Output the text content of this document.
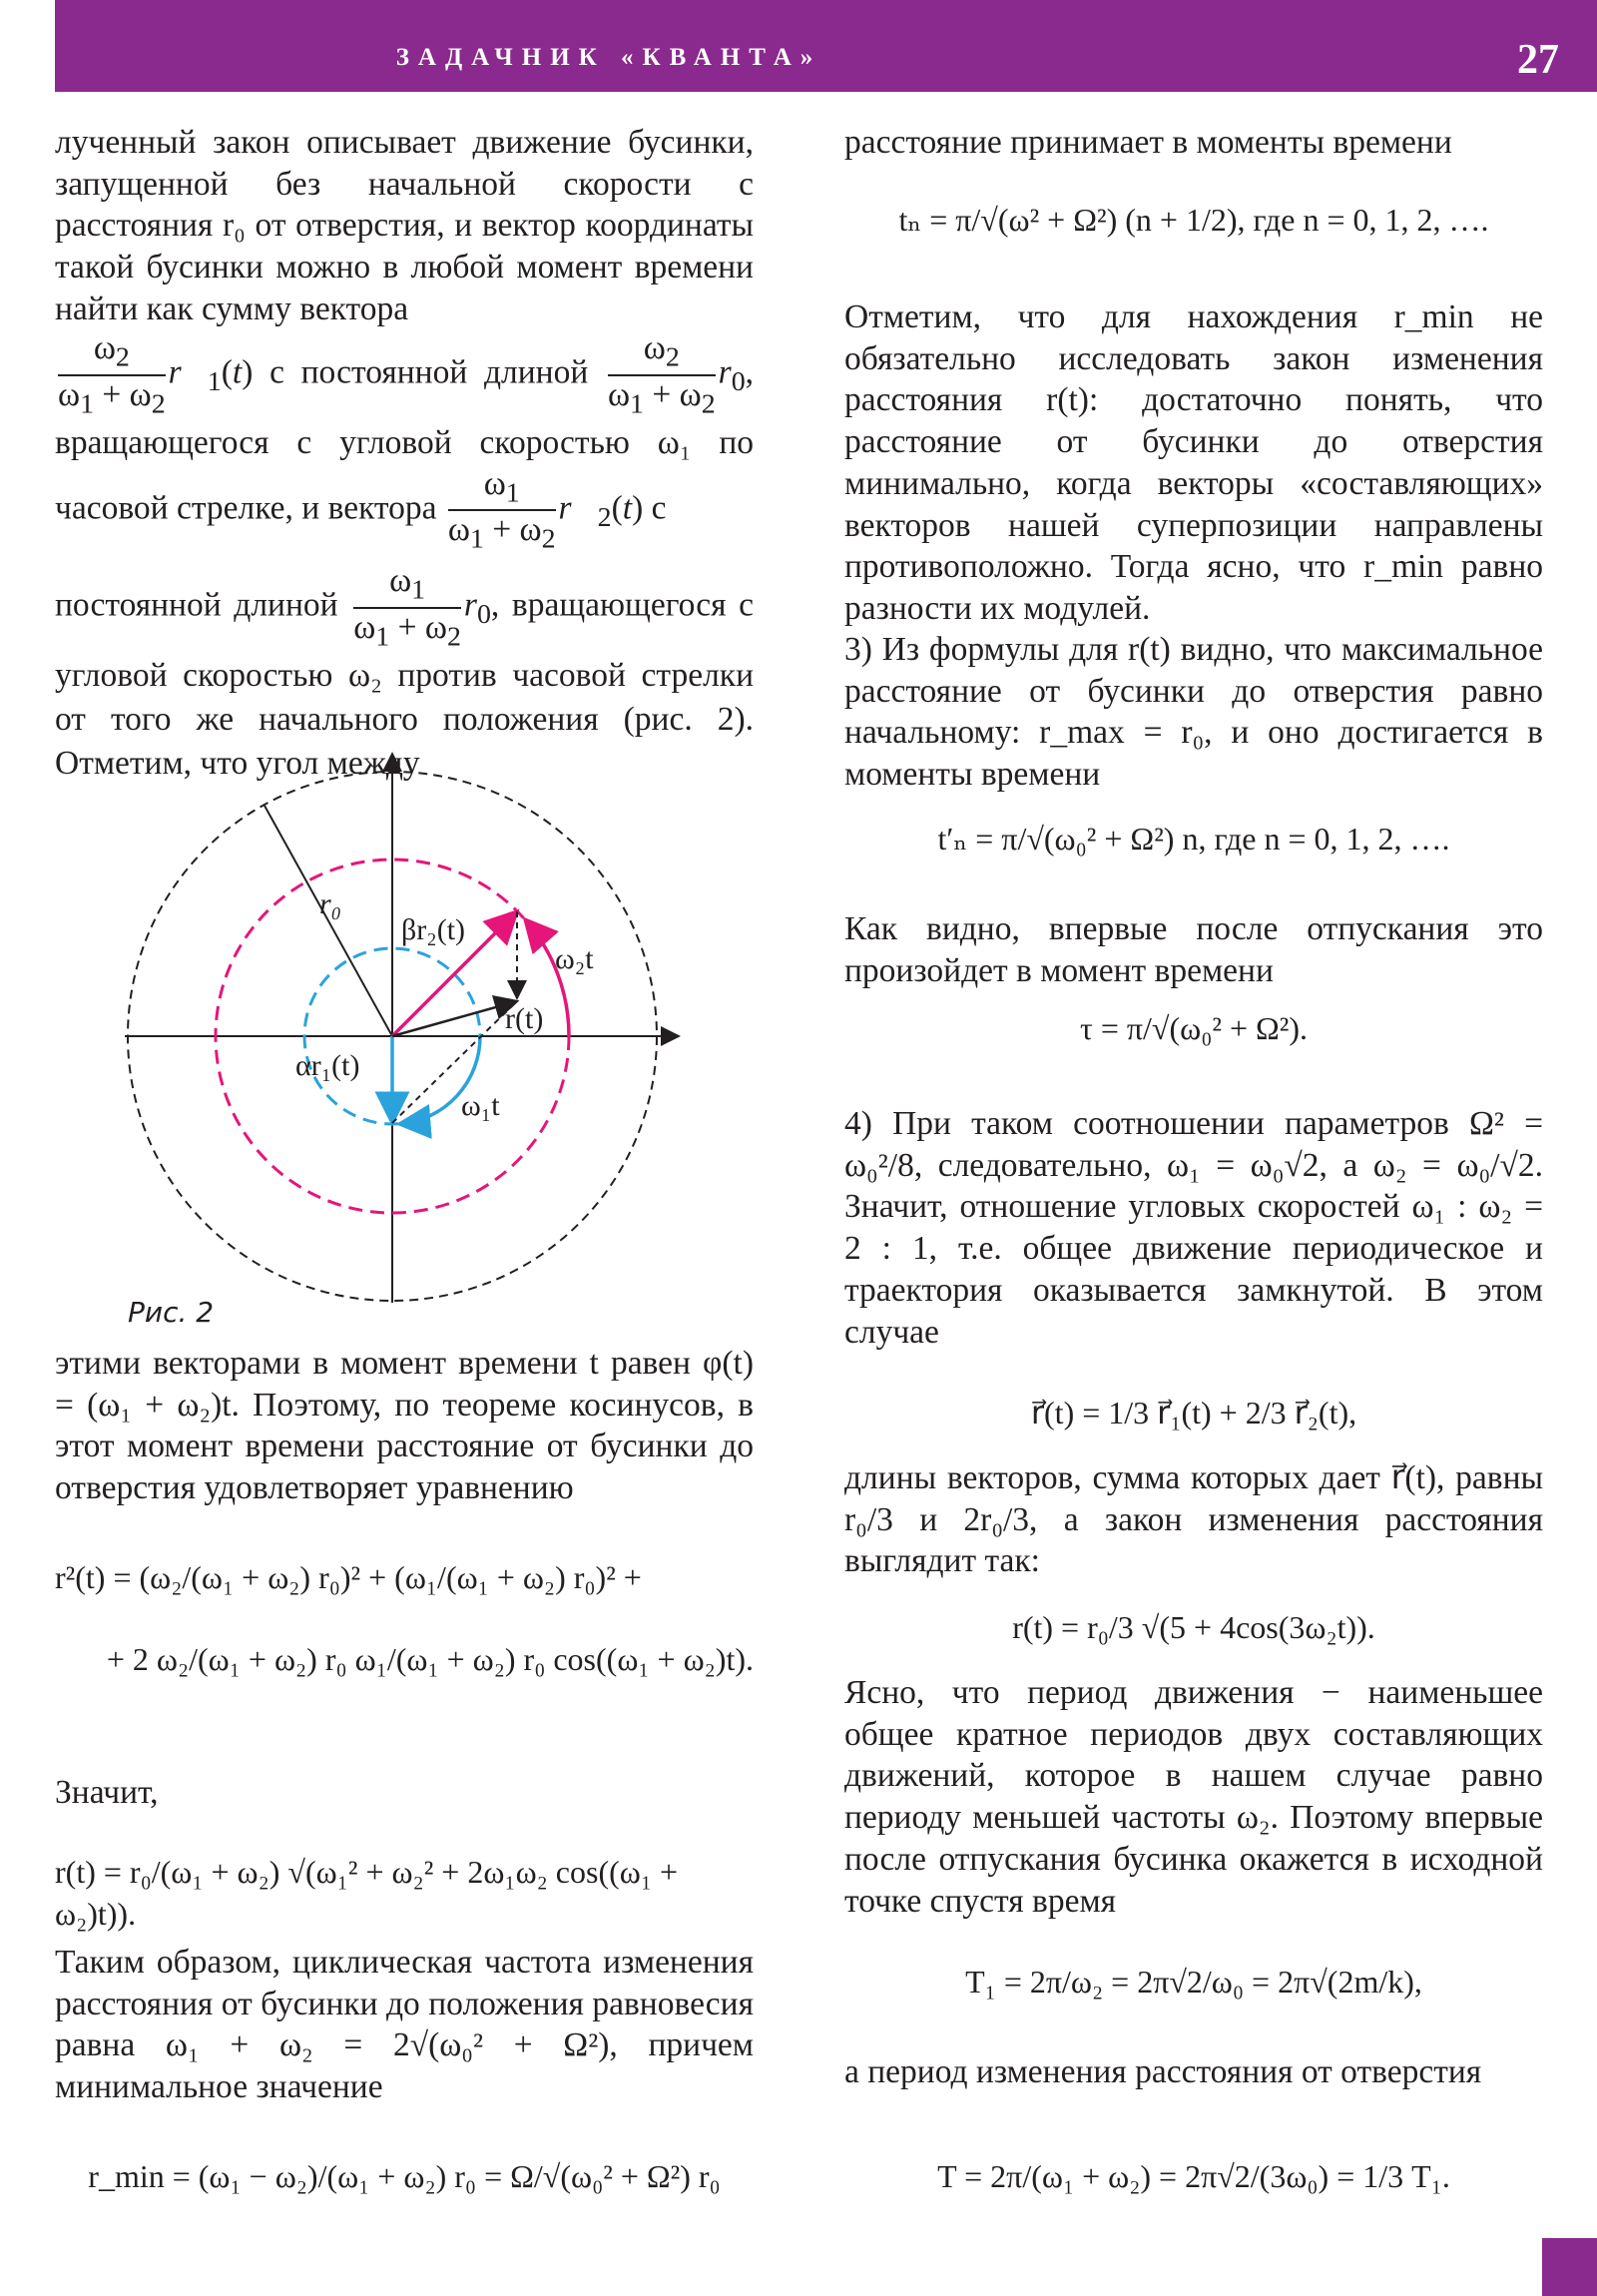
ЗАДАЧНИК «КВАНТА»	27

лученный закон описывает движение бусинки, запущенной без начальной скорости с расстояния r₀ от отверстия, и вектор координаты такой бусинки можно в любой момент времени найти как сумму вектора

$\frac{\omega_2}{\omega_1 + \omega_2}$ $r⃗_1(t)$ с постоянной длиной $\frac{\omega_2}{\omega_1 + \omega_2} r_0$, вращающегося с угловой скоростью ω₁ по часовой стрелке, и вектора $\frac{\omega_1}{\omega_1 + \omega_2}$ $r⃗_2(t)$ с

постоянной длиной $\frac{\omega_1}{\omega_1 + \omega_2} r_0$, вращающегося с угловой скоростью ω₂ против часовой стрелки от того же начального положения (рис. 2). Отметим, что угол между

r₀
βr₂(t)
ω₂t
r(t)
αr₁(t)
ω₁t
Рис. 2

этими векторами в момент времени t равен φ(t) = (ω₁ + ω₂)t. Поэтому, по теореме косинусов, в этот момент времени расстояние от бусинки до отверстия удовлетворяет уравнению

r²(t) = (ω₂/(ω₁ + ω₂) r₀)² + (ω₁/(ω₁ + ω₂) r₀)² +

+ 2 ω₂/(ω₁ + ω₂) r₀ ω₁/(ω₁ + ω₂) r₀ cos((ω₁ + ω₂)t).

Значит,

r(t) = r₀/(ω₁ + ω₂) √(ω₁² + ω₂² + 2ω₁ω₂ cos((ω₁ + ω₂)t)).

Таким образом, циклическая частота изменения расстояния от бусинки до положения равновесия равна ω₁ + ω₂ = 2√(ω₀² + Ω²), причем минимальное значение

r_min = (ω₁ − ω₂)/(ω₁ + ω₂) r₀ = Ω/√(ω₀² + Ω²) r₀

расстояние принимает в моменты времени

tₙ = π/√(ω² + Ω²) (n + 1/2), где n = 0, 1, 2, ….

Отметим, что для нахождения r_min не обязательно исследовать закон изменения расстояния r(t): достаточно понять, что расстояние от бусинки до отверстия минимально, когда векторы «составляющих» векторов нашей суперпозиции направлены противоположно. Тогда ясно, что r_min равно разности их модулей.

3) Из формулы для r(t) видно, что максимальное расстояние от бусинки до отверстия равно начальному: r_max = r₀, и оно достигается в моменты времени

t′ₙ = π/√(ω₀² + Ω²) n, где n = 0, 1, 2, ….

Как видно, впервые после отпускания это произойдет в момент времени

τ = π/√(ω₀² + Ω²).

4) При таком соотношении параметров Ω² = ω₀²/8, следовательно, ω₁ = ω₀√2, а ω₂ = ω₀/√2. Значит, отношение угловых скоростей ω₁ : ω₂ = 2 : 1, т.е. общее движение периодическое и траектория оказывается замкнутой. В этом случае

r⃗(t) = 1/3 r⃗₁(t) + 2/3 r⃗₂(t),

длины векторов, сумма которых дает r⃗(t), равны r₀/3 и 2r₀/3, а закон изменения расстояния выглядит так:

r(t) = r₀/3 √(5 + 4cos(3ω₂t)).

Ясно, что период движения − наименьшее общее кратное периодов двух составляющих движений, которое в нашем случае равно периоду меньшей частоты ω₂. Поэтому впервые после отпускания бусинка окажется в исходной точке спустя время

T₁ = 2π/ω₂ = 2π√2/ω₀ = 2π√(2m/k),

а период изменения расстояния от отверстия

T = 2π/(ω₁ + ω₂) = 2π√2/(3ω₀) = 1/3 T₁.
